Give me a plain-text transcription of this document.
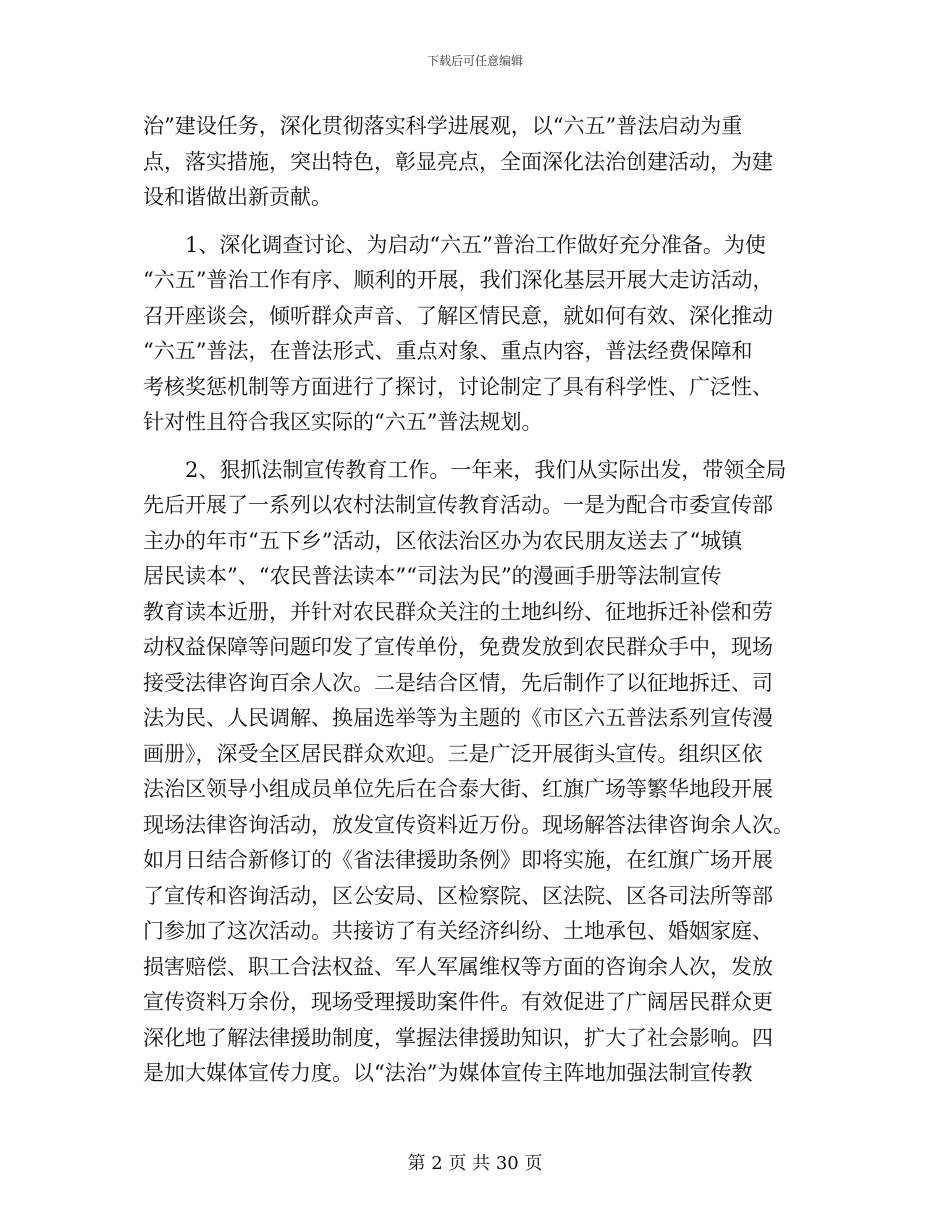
下载后可任意编辑
治”建设任务，深化贯彻落实科学进展观，以“六五”普法启动为重
点，落实措施，突出特色，彰显亮点，全面深化法治创建活动，为建
设和谐做出新贡献。
　　1、深化调查讨论、为启动“六五”普治工作做好充分准备。为使
“六五”普治工作有序、顺利的开展，我们深化基层开展大走访活动，
召开座谈会，倾听群众声音、了解区情民意，就如何有效、深化推动
“六五”普法，在普法形式、重点对象、重点内容，普法经费保障和
考核奖惩机制等方面进行了探讨，讨论制定了具有科学性、广泛性、
针对性且符合我区实际的“六五”普法规划。
　　2、狠抓法制宣传教育工作。一年来，我们从实际出发，带领全局
先后开展了一系列以农村法制宣传教育活动。一是为配合市委宣传部
主办的年市“五下乡”活动，区依法治区办为农民朋友送去了“城镇
居民读本”、“农民普法读本”“司法为民”的漫画手册等法制宣传
教育读本近册，并针对农民群众关注的土地纠纷、征地拆迁补偿和劳
动权益保障等问题印发了宣传单份，免费发放到农民群众手中，现场
接受法律咨询百余人次。二是结合区情，先后制作了以征地拆迁、司
法为民、人民调解、换届选举等为主题的《市区六五普法系列宣传漫
画册》，深受全区居民群众欢迎。三是广泛开展街头宣传。组织区依
法治区领导小组成员单位先后在合泰大街、红旗广场等繁华地段开展
现场法律咨询活动，放发宣传资料近万份。现场解答法律咨询余人次。
如月日结合新修订的《省法律援助条例》即将实施，在红旗广场开展
了宣传和咨询活动，区公安局、区检察院、区法院、区各司法所等部
门参加了这次活动。共接访了有关经济纠纷、土地承包、婚姻家庭、
损害赔偿、职工合法权益、军人军属维权等方面的咨询余人次，发放
宣传资料万余份，现场受理援助案件件。有效促进了广阔居民群众更
深化地了解法律援助制度，掌握法律援助知识，扩大了社会影响。四
是加大媒体宣传力度。以“法治”为媒体宣传主阵地加强法制宣传教
第 2 页 共 30 页
